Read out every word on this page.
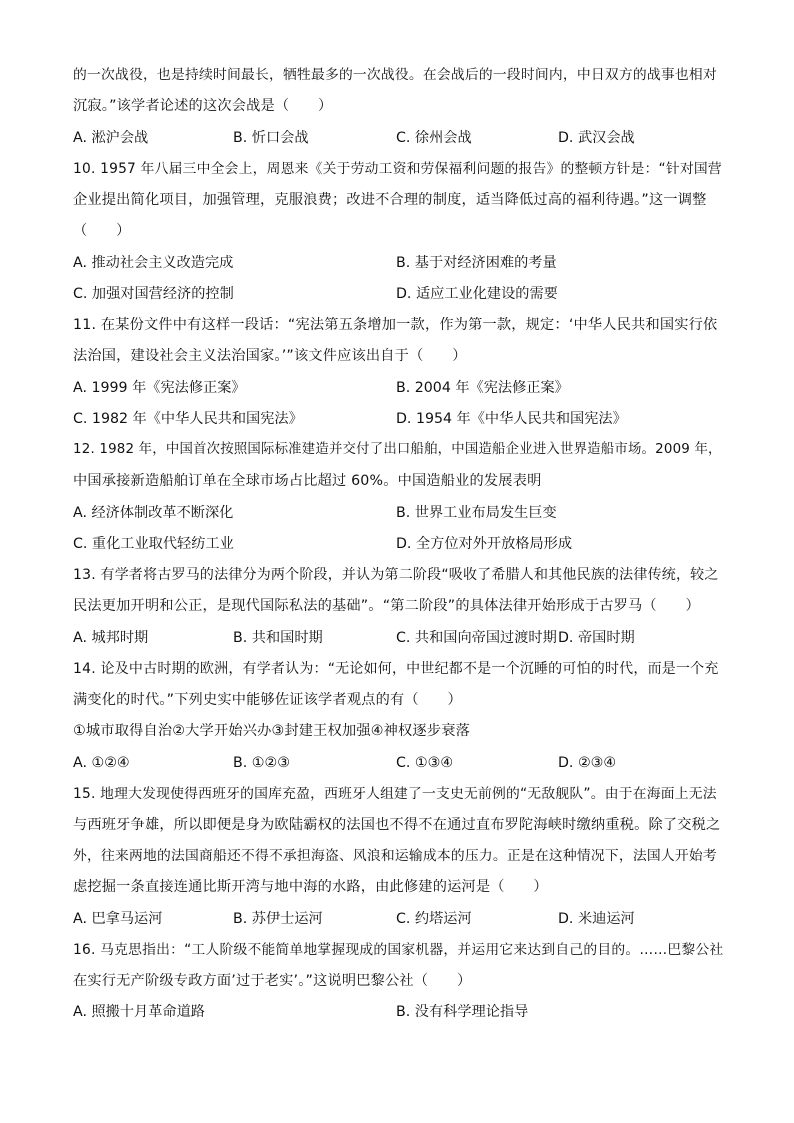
的一次战役，也是持续时间最长，牺牲最多的一次战役。在会战后的一段时间内，中日双方的战事也相对
沉寂。”该学者论述的这次会战是（　　）
A. 淞沪会战	B. 忻口会战	C. 徐州会战	D. 武汉会战
10. 1957 年八届三中全会上，周恩来《关于劳动工资和劳保福利问题的报告》的整顿方针是：“针对国营
企业提出简化项目，加强管理，克服浪费；改进不合理的制度，适当降低过高的福利待遇。”这一调整
（　　）
A. 推动社会主义改造完成	B. 基于对经济困难的考量
C. 加强对国营经济的控制	D. 适应工业化建设的需要
11. 在某份文件中有这样一段话：“宪法第五条增加一款，作为第一款，规定：‘中华人民共和国实行依
法治国，建设社会主义法治国家。’”该文件应该出自于（　　）
A. 1999 年《宪法修正案》	B. 2004 年《宪法修正案》
C. 1982 年《中华人民共和国宪法》	D. 1954 年《中华人民共和国宪法》
12. 1982 年，中国首次按照国际标准建造并交付了出口船舶，中国造船企业进入世界造船市场。2009 年，
中国承接新造船舶订单在全球市场占比超过 60%。中国造船业的发展表明
A. 经济体制改革不断深化	B. 世界工业布局发生巨变
C. 重化工业取代轻纺工业	D. 全方位对外开放格局形成
13. 有学者将古罗马的法律分为两个阶段，并认为第二阶段“吸收了希腊人和其他民族的法律传统，较之
民法更加开明和公正，是现代国际私法的基础”。“第二阶段”的具体法律开始形成于古罗马（　　）
A. 城邦时期	B. 共和国时期	C. 共和国向帝国过渡时期 D. 帝国时期
14. 论及中古时期的欧洲，有学者认为：“无论如何，中世纪都不是一个沉睡的可怕的时代，而是一个充
满变化的时代。”下列史实中能够佐证该学者观点的有（　　）
①城市取得自治②大学开始兴办③封建王权加强④神权逐步衰落
A. ①②④	B. ①②③	C. ①③④	D. ②③④
15. 地理大发现使得西班牙的国库充盈，西班牙人组建了一支史无前例的“无敌舰队”。由于在海面上无法
与西班牙争雄，所以即便是身为欧陆霸权的法国也不得不在通过直布罗陀海峡时缴纳重税。除了交税之
外，往来两地的法国商船还不得不承担海盗、风浪和运输成本的压力。正是在这种情况下，法国人开始考
虑挖掘一条直接连通比斯开湾与地中海的水路，由此修建的运河是（　　）
A. 巴拿马运河	B. 苏伊士运河	C. 约塔运河	D. 米迪运河
16. 马克思指出：“工人阶级不能简单地掌握现成的国家机器，并运用它来达到自己的目的。……巴黎公社
在实行无产阶级专政方面’过于老实’。”这说明巴黎公社（　　）
A. 照搬十月革命道路	B. 没有科学理论指导
